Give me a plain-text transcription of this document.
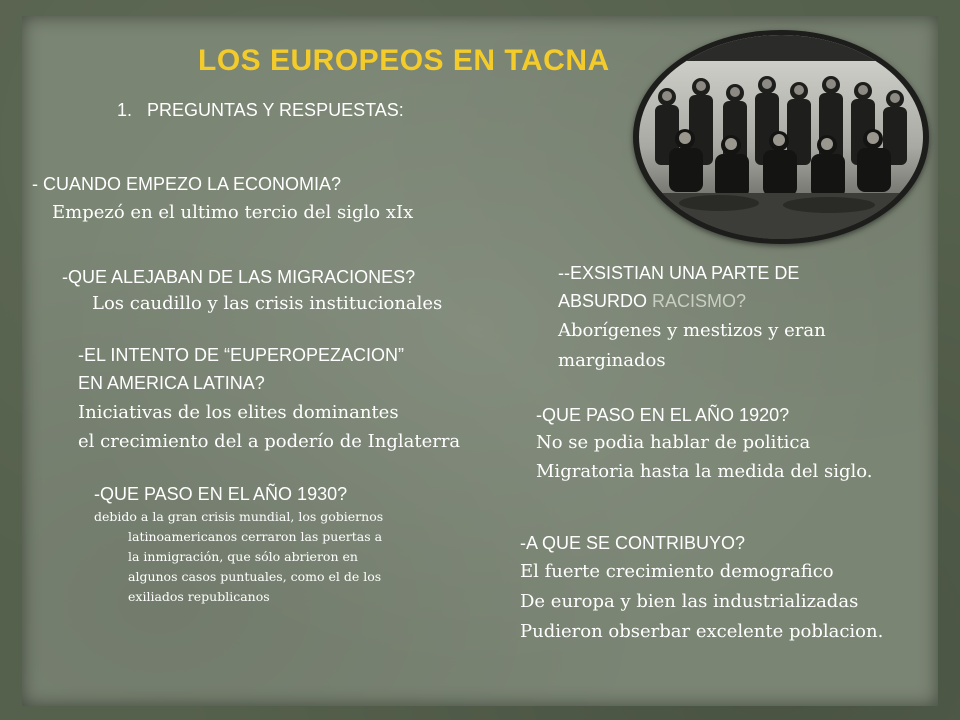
LOS EUROPEOS EN TACNA
1.   PREGUNTAS Y RESPUESTAS:
- CUANDO EMPEZO LA ECONOMIA?
Empezó en el ultimo tercio del siglo xIx
-QUE ALEJABAN DE LAS MIGRACIONES?
Los caudillo y las crisis institucionales
-EL INTENTO DE “EUPEROPEZACION”
EN AMERICA LATINA?
Iniciativas de los elites dominantes
el crecimiento del a poderío de Inglaterra
-QUE PASO EN EL AÑO 1930?
debido a la gran crisis mundial, los gobiernos
latinoamericanos cerraron las puertas a
la inmigración, que sólo abrieron en
algunos casos puntuales, como el de los
exiliados republicanos
--EXSISTIAN UNA PARTE DE
ABSURDO RACISMO?
Aborígenes y mestizos y eran
marginados
-QUE PASO EN EL AÑO 1920?
No se podia hablar de politica
Migratoria hasta la medida del siglo.
-A QUE SE CONTRIBUYO?
El fuerte crecimiento demografico
De europa y bien las industrializadas
Pudieron obserbar excelente poblacion.
